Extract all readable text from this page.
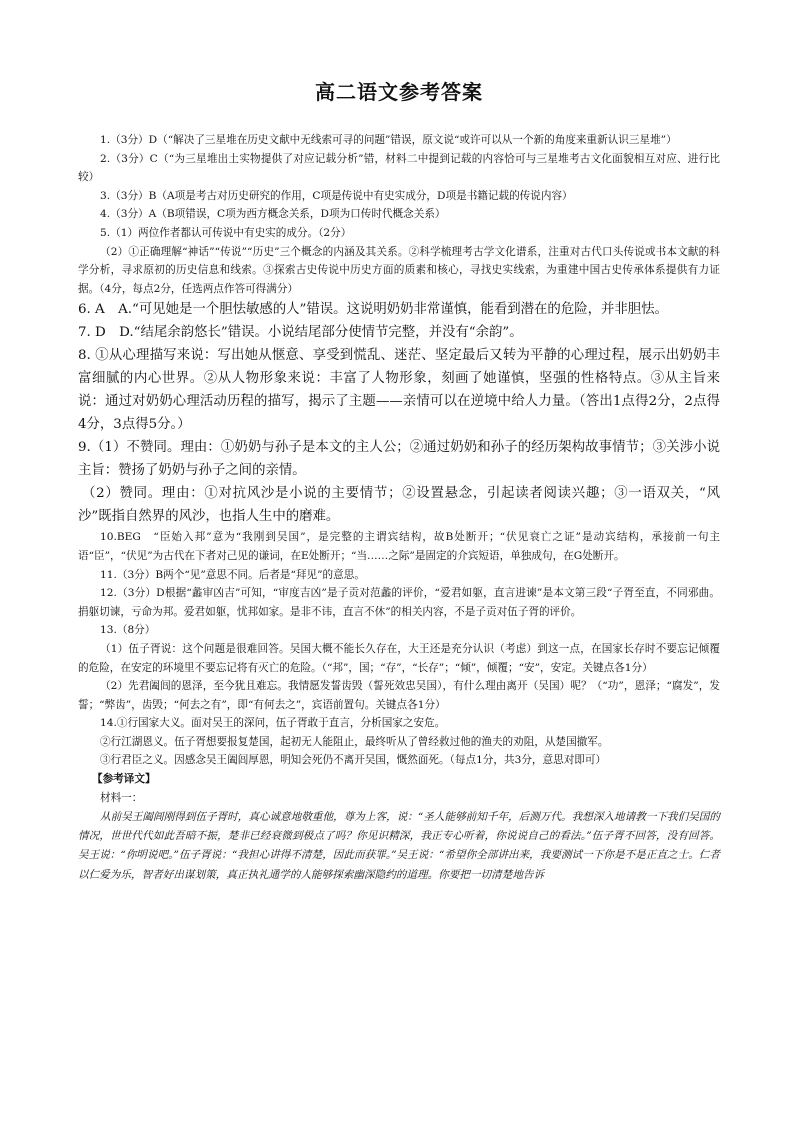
高二语文参考答案

1.（3分）D（“解决了三星堆在历史文献中无线索可寻的问题”错误，原文说“或许可以从一个新的角度来重新认识三星堆”）

2.（3分）C（“为三星堆出土实物提供了对应记载分析”错，材料二中提到记载的内容恰可与三星堆考古文化面貌相互对应、进行比较）

3.（3分）B（A项是考古对历史研究的作用，C项是传说中有史实成分，D项是书籍记载的传说内容）

4.（3分）A（B项错误，C项为西方概念关系，D项为口传时代概念关系）

5.（1）两位作者都认可传说中有史实的成分。（2分）

（2）①正确理解“神话”“传说”“历史”三个概念的内涵及其关系。②科学梳理考古学文化谱系，注重对古代口头传说或书本文献的科学分析，寻求原初的历史信息和线索。③探索古史传说中历史方面的质素和核心，寻找史实线索，为重建中国古史传承体系提供有力证据。（4分，每点2分，任选两点作答可得满分）

6. A　A.“可见她是一个胆怯敏感的人”错误。这说明奶奶非常谨慎，能看到潜在的危险，并非胆怯。

7. D　D.“结尾余韵悠长”错误。小说结尾部分使情节完整，并没有“余韵”。

8. ①从心理描写来说：写出她从惬意、享受到慌乱、迷茫、坚定最后又转为平静的心理过程，展示出奶奶丰富细腻的内心世界。②从人物形象来说：丰富了人物形象，刻画了她谨慎，坚强的性格特点。③从主旨来说：通过对奶奶心理活动历程的描写，揭示了主题——亲情可以在逆境中给人力量。（答出1点得2分，2点得4分，3点得5分。）

9.（1）不赞同。理由：①奶奶与孙子是本文的主人公；②通过奶奶和孙子的经历架构故事情节；③关涉小说主旨：赞扬了奶奶与孙子之间的亲情。

（2）赞同。理由：①对抗风沙是小说的主要情节；②设置悬念，引起读者阅读兴趣；③一语双关，“风沙”既指自然界的风沙，也指人生中的磨难。

10.BEG　“臣始入邦”意为“我刚到吴国”，是完整的主谓宾结构，故B处断开；“伏见衰亡之证”是动宾结构，承接前一句主语“臣”，“伏见”为古代在下者对己见的谦词，在E处断开；“当……之际”是固定的介宾短语，单独成句，在G处断开。

11.（3分）B两个“见”意思不同。后者是“拜见”的意思。

12.（3分）D根据“蠡审凶吉”可知，“审度吉凶”是子贡对范蠡的评价，“爱君如躯，直言进谏”是本文第三段“子胥至直，不同邪曲。捐躯切谏，亏命为邦。爱君如躯，忧邦如家。是非不讳，直言不休”的相关内容，不是子贡对伍子胥的评价。

13.（8分）

（1）伍子胥说：这个问题是很难回答。吴国大概不能长久存在，大王还是充分认识（考虑）到这一点，在国家长存时不要忘记倾覆的危险，在安定的环境里不要忘记将有灭亡的危险。（“邦”，国；“存”，“长存”；“倾”，倾覆；“安”，安定。关键点各1分）

（2）先君阖闾的恩泽，至今犹且难忘。我情愿发誓齿毁（誓死效忠吴国），有什么理由离开（吴国）呢？（“功”，恩泽；“腐发”，发誓；“弊齿”，齿毁；“何去之有”，即“有何去之”，宾语前置句。关键点各1分）

14.①行国家大义。面对吴王的深问，伍子胥敢于直言，分析国家之安危。

②行江湖恩义。伍子胥想要报复楚国，起初无人能阻止，最终听从了曾经救过他的渔夫的劝阻，从楚国撤军。

③行君臣之义。因感念吴王阖闾厚恩，明知会死仍不离开吴国，慨然面死。（每点1分，共3分，意思对即可）

【参考译文】

材料一：

从前吴王阖闾刚得到伍子胥时，真心诚意地敬重他，尊为上客，说：“圣人能够前知千年，后测万代。我想深入地请教一下我们吴国的情况，世世代代如此吾暗不振，楚非已经衰微到极点了吗？你见识精深，我正专心听着，你说说自己的看法。”伍子胥不回答，没有回答。吴王说：“你明说吧。”伍子胥说：“我担心讲得不清楚，因此而获罪。”吴王说：“希望你全部讲出来，我要测试一下你是不是正直之士。仁者以仁爱为乐，智者好出谋划策，真正执礼通学的人能够探索幽深隐约的道理。你要把一切清楚地告诉
